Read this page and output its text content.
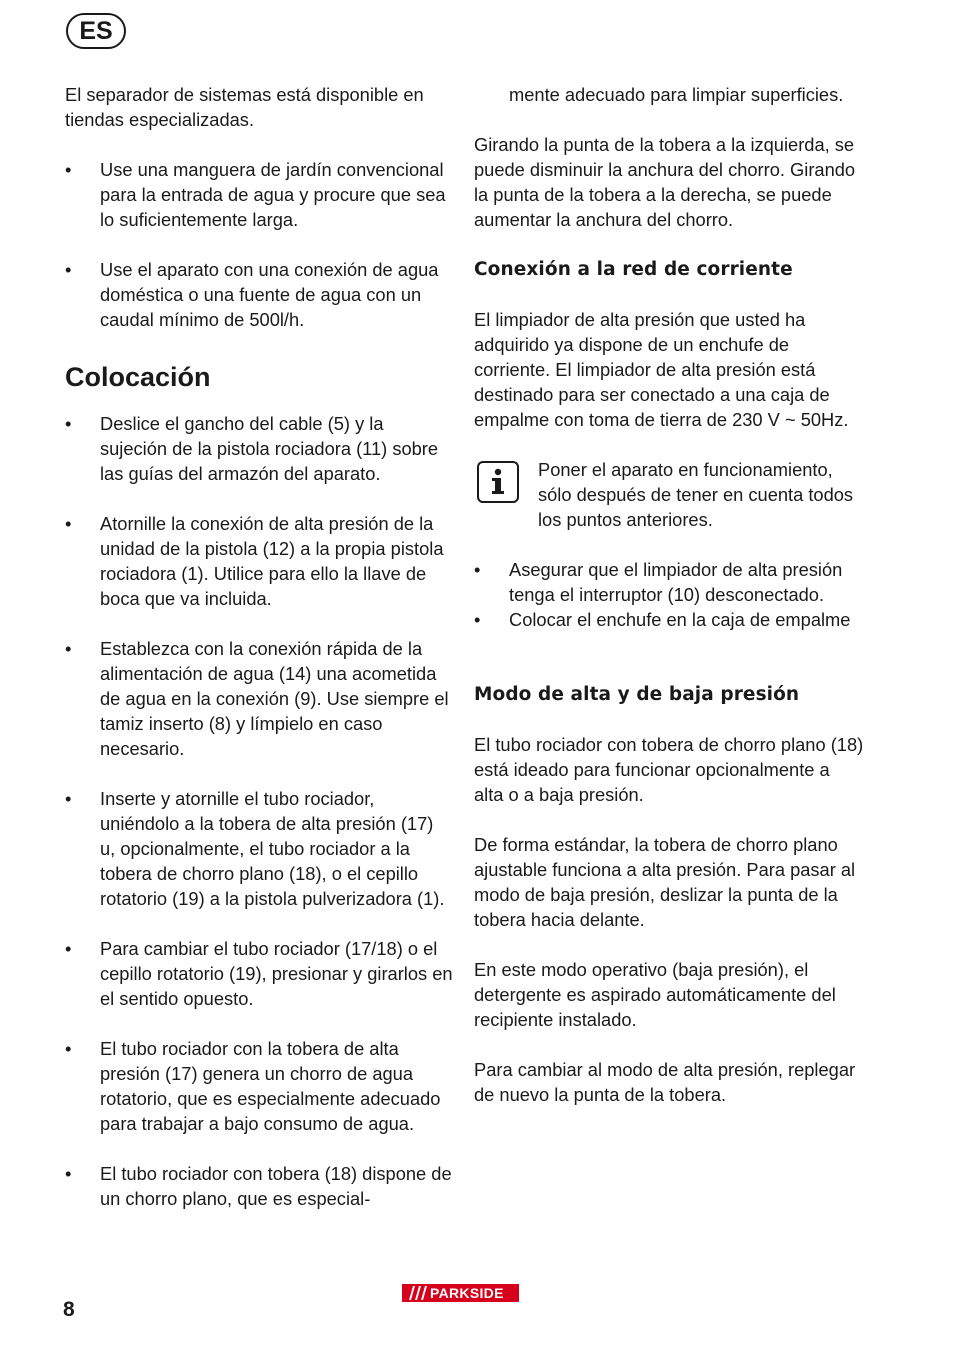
ES

El separador de sistemas está disponible en tiendas especializadas.

• Use una manguera de jardín convencional para la entrada de agua y procure que sea lo suficientemente larga.
• Use el aparato con una conexión de agua doméstica o una fuente de agua con un caudal mínimo de 500l/h.
Colocación
• Deslice el gancho del cable (5) y la sujeción de la pistola rociadora (11) sobre las guías del armazón del aparato.
• Atornille la conexión de alta presión de la unidad de la pistola (12) a la propia pistola rociadora (1). Utilice para ello la llave de boca que va incluida.
• Establezca con la conexión rápida de la alimentación de agua (14) una acometida de agua en la conexión (9). Use siempre el tamiz inserto (8) y límpielo en caso necesario.
• Inserte y atornille el tubo rociador, uniéndolo a la tobera de alta presión (17) u, opcionalmente, el tubo rociador a la tobera de chorro plano (18), o el cepillo rotatorio (19) a la pistola pulverizadora (1).
• Para cambiar el tubo rociador (17/18) o el cepillo rotatorio (19), presionar y girarlos en el sentido opuesto.
• El tubo rociador con la tobera de alta presión (17) genera un chorro de agua rotatorio, que es especialmente adecuado para trabajar a bajo consumo de agua.
• El tubo rociador con tobera (18) dispone de un chorro plano, que es especial-

mente adecuado para limpiar superficies.

Girando la punta de la tobera a la izquierda, se puede disminuir la anchura del chorro. Girando la punta de la tobera a la derecha, se puede aumentar la anchura del chorro.

Conexión a la red de corriente

El limpiador de alta presión que usted ha adquirido ya dispone de un enchufe de corriente. El limpiador de alta presión está destinado para ser conectado a una caja de empalme con toma de tierra de 230 V ~ 50Hz.

Poner el aparato en funcionamiento, sólo después de tener en cuenta todos los puntos anteriores.

• Asegurar que el limpiador de alta presión tenga el interruptor (10) desconectado.
• Colocar el enchufe en la caja de empalme
Modo de alta y de baja presión

El tubo rociador con tobera de chorro plano (18) está ideado para funcionar opcionalmente a alta o a baja presión.

De forma estándar, la tobera de chorro plano ajustable funciona a alta presión. Para pasar al modo de baja presión, deslizar la punta de la tobera hacia delante.

En este modo operativo (baja presión), el detergente es aspirado automáticamente del recipiente instalado.

Para cambiar al modo de alta presión, replegar de nuevo la punta de la tobera.

PARKSIDE
8
